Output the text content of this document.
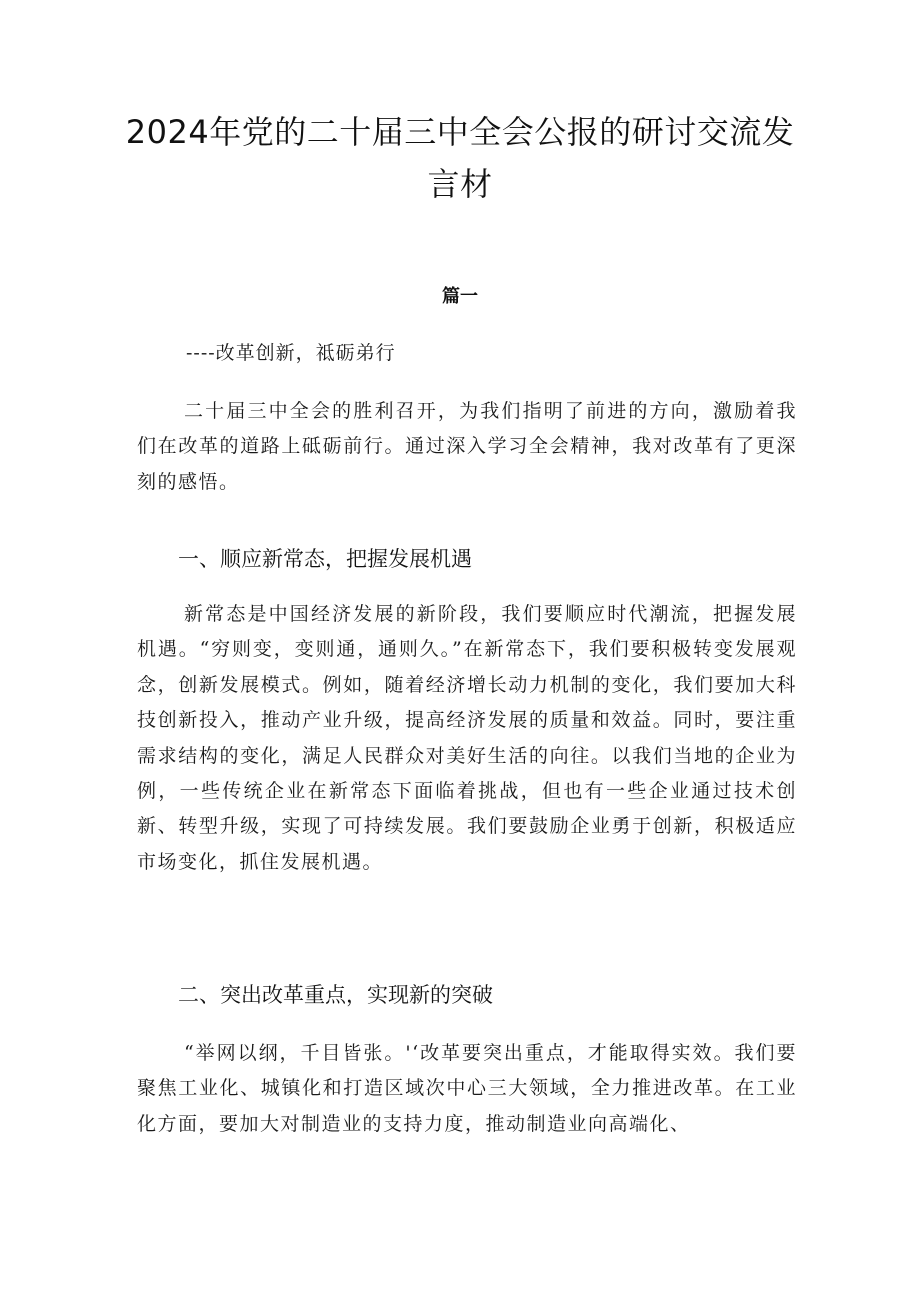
2024年党的二十届三中全会公报的研讨交流发言材
篇一

----改革创新，祗砺弟行

二十届三中全会的胜利召开，为我们指明了前进的方向，激励着我们在改革的道路上砥砺前行。通过深入学习全会精神，我对改革有了更深刻的感悟。

一、顺应新常态，把握发展机遇

新常态是中国经济发展的新阶段，我们要顺应时代潮流，把握发展机遇。“穷则变，变则通，通则久。”在新常态下，我们要积极转变发展观念，创新发展模式。例如，随着经济增长动力机制的变化，我们要加大科技创新投入，推动产业升级，提高经济发展的质量和效益。同时，要注重需求结构的变化，满足人民群众对美好生活的向往。以我们当地的企业为例，一些传统企业在新常态下面临着挑战，但也有一些企业通过技术创新、转型升级，实现了可持续发展。我们要鼓励企业勇于创新，积极适应市场变化，抓住发展机遇。

二、突出改革重点，实现新的突破

“举网以纲，千目皆张。'‘改革要突出重点，才能取得实效。我们要聚焦工业化、城镇化和打造区域次中心三大领域，全力推进改革。在工业化方面，要加大对制造业的支持力度，推动制造业向高端化、
